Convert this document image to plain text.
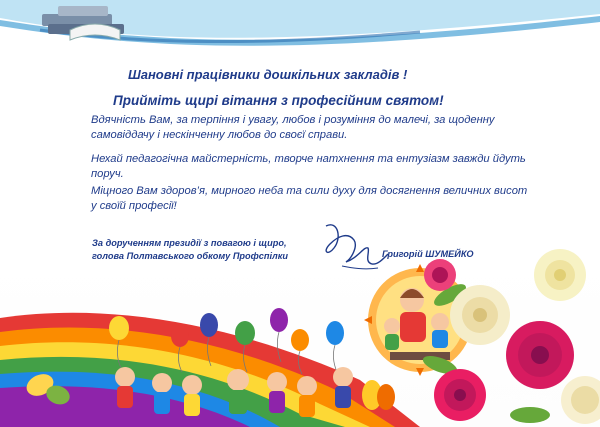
Шановні працівники дошкільних закладів !
Прийміть щирі вітання з професійним святом!
Вдячність Вам, за терпіння і увагу, любов і розуміння до малечі, за щоденну самовіддачу і нескінченну любов до своєї справи.
Нехай педагогічна майстерність, творче натхнення та ентузіазм завжди йдуть поруч.
Міцного Вам здоров’я, мирного неба та сили духу для досягнення величних висот у своїй професії!
За дорученням президії з повагою і щиро,
голова Полтавського обкому Профспілки	Григорій ШУМЕЙКО
Activate Windows
